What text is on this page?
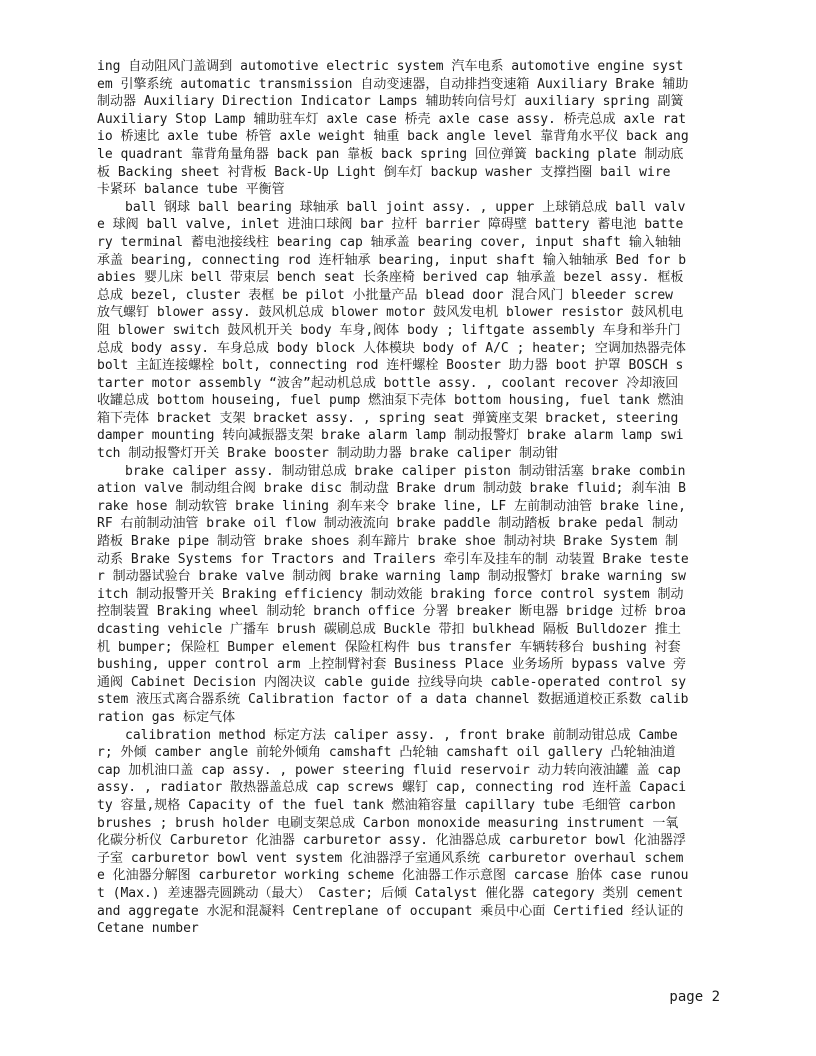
ing 自动阻风门盖调到 automotive electric system 汽车电系 automotive engine system 引擎系统 automatic transmission 自动变速器，自动排挡变速箱 Auxiliary Brake 辅助制动器 Auxiliary Direction Indicator Lamps 辅助转向信号灯 auxiliary spring 副簧 Auxiliary Stop Lamp 辅助驻车灯 axle case 桥壳 axle case assy. 桥壳总成 axle ratio 桥速比 axle tube 桥管 axle weight 轴重 back angle level 靠背角水平仪 back angle quadrant 靠背角量角器 back pan 靠板 back spring 回位弹簧 backing plate 制动底板 Backing sheet 衬背板 Back-Up Light 倒车灯 backup washer 支撑挡圈 bail wire 卡紧环 balance tube 平衡管

ball 钢球 ball bearing 球轴承 ball joint assy. , upper 上球销总成 ball valve 球阀 ball valve, inlet 进油口球阀 bar 拉杆 barrier 障碍壁 battery 蓄电池 battery terminal 蓄电池接线柱 bearing cap 轴承盖 bearing cover, input shaft 输入轴轴承盖 bearing, connecting rod 连杆轴承 bearing, input shaft 输入轴轴承 Bed for babies 婴儿床 bell 带束层 bench seat 长条座椅 berived cap 轴承盖 bezel assy. 框板总成 bezel, cluster 表框 be pilot 小批量产品 blead door 混合风门 bleeder screw 放气螺钉 blower assy. 鼓风机总成 blower motor 鼓风发电机 blower resistor 鼓风机电阻 blower switch 鼓风机开关 body 车身,阀体 body ; liftgate assembly 车身和举升门总成 body assy. 车身总成 body block 人体模块 body of A/C ; heater; 空调加热器壳体 bolt 主缸连接螺栓 bolt, connecting rod 连杆螺栓 Booster 助力器 boot 护罩 BOSCH starter motor assembly “波舍”起动机总成 bottle assy. , coolant recover 冷却液回收罐总成 bottom houseing, fuel pump 燃油泵下壳体 bottom housing, fuel tank 燃油箱下壳体 bracket 支架 bracket assy. , spring seat 弹簧座支架 bracket, steering damper mounting 转向减振器支架 brake alarm lamp 制动报警灯 brake alarm lamp switch 制动报警灯开关 Brake booster 制动助力器 brake caliper 制动钳

brake caliper assy. 制动钳总成 brake caliper piston 制动钳活塞 brake combination valve 制动组合阀 brake disc 制动盘 Brake drum 制动鼓 brake fluid; 刹车油 Brake hose 制动软管 brake lining 刹车来令 brake line, LF 左前制动油管 brake line, RF 右前制动油管 brake oil flow 制动液流向 brake paddle 制动踏板 brake pedal 制动踏板 Brake pipe 制动管 brake shoes 刹车蹄片 brake shoe 制动衬块 Brake System 制动系 Brake Systems for Tractors and Trailers 牵引车及挂车的制 动装置 Brake tester 制动器试验台 brake valve 制动阀 brake warning lamp 制动报警灯 brake warning switch 制动报警开关 Braking efficiency 制动效能 braking force control system 制动控制装置 Braking wheel 制动轮 branch office 分署 breaker 断电器 bridge 过桥 broadcasting vehicle 广播车 brush 碳刷总成 Buckle 带扣 bulkhead 隔板 Bulldozer 推土机 bumper; 保险杠 Bumper element 保险杠构件 bus transfer 车辆转移台 bushing 衬套 bushing, upper control arm 上控制臂衬套 Business Place 业务场所 bypass valve 旁通阀 Cabinet Decision 内阁决议 cable guide 拉线导向块 cable-operated control system 液压式离合器系统 Calibration factor of a data channel 数据通道校正系数 calibration gas 标定气体

calibration method 标定方法 caliper assy. , front brake 前制动钳总成 Camber; 外倾 camber angle 前轮外倾角 camshaft 凸轮轴 camshaft oil gallery 凸轮轴油道 cap 加机油口盖 cap assy. , power steering fluid reservoir 动力转向液油罐 盖 cap assy. , radiator 散热器盖总成 cap screws 螺钉 cap, connecting rod 连杆盖 Capacity 容量,规格 Capacity of the fuel tank 燃油箱容量 capillary tube 毛细管 carbon brushes ; brush holder 电刷支架总成 Carbon monoxide measuring instrument 一氧化碳分析仪 Carburetor 化油器 carburetor assy. 化油器总成 carburetor bowl 化油器浮子室 carburetor bowl vent system 化油器浮子室通风系统 carburetor overhaul scheme 化油器分解图 carburetor working scheme 化油器工作示意图 carcase 胎体 case runout (Max.) 差速器壳圆跳动（最大） Caster; 后倾 Catalyst 催化器 category 类别 cement and aggregate 水泥和混凝料 Centreplane of occupant 乘员中心面 Certified 经认证的 Cetane number

page 2
